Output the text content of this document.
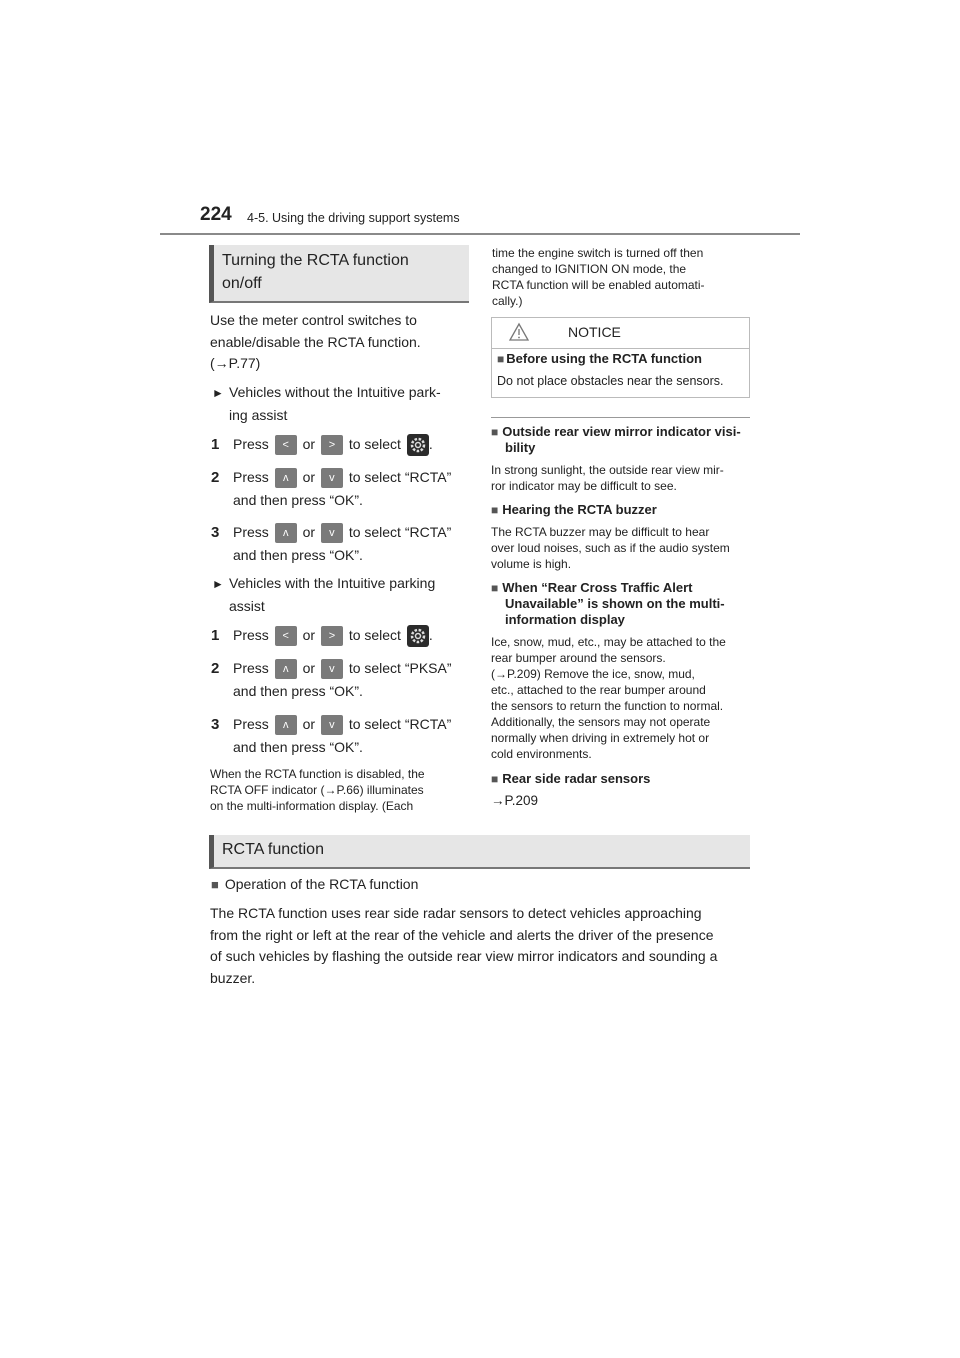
224 4-5. Using the driving support systems
Turning the RCTA function
on/off
Use the meter control switches to
enable/disable the RCTA function.
(→P.77)
► Vehicles without the Intuitive park-
ing assist
1 Press < or > to select .
2 Press ʌ or v to select “RCTA”
and then press “OK”.
3 Press ʌ or v to select “RCTA”
and then press “OK”.
► Vehicles with the Intuitive parking
assist
1 Press < or > to select .
2 Press ʌ or v to select “PKSA”
and then press “OK”.
3 Press ʌ or v to select “RCTA”
and then press “OK”.
When the RCTA function is disabled, the
RCTA OFF indicator (→P.66) illuminates
on the multi-information display. (Each
time the engine switch is turned off then
changed to IGNITION ON mode, the
RCTA function will be enabled automati-
cally.)
NOTICE
■ Before using the RCTA function
Do not place obstacles near the sensors.
■ Outside rear view mirror indicator visi-
bility
In strong sunlight, the outside rear view mir-
ror indicator may be difficult to see.
■ Hearing the RCTA buzzer
The RCTA buzzer may be difficult to hear
over loud noises, such as if the audio system
volume is high.
■ When “Rear Cross Traffic Alert
Unavailable” is shown on the multi-
information display
Ice, snow, mud, etc., may be attached to the
rear bumper around the sensors.
(→P.209) Remove the ice, snow, mud,
etc., attached to the rear bumper around
the sensors to return the function to normal.
Additionally, the sensors may not operate
normally when driving in extremely hot or
cold environments.
■ Rear side radar sensors
→P.209
RCTA function
■ Operation of the RCTA function
The RCTA function uses rear side radar sensors to detect vehicles approaching
from the right or left at the rear of the vehicle and alerts the driver of the presence
of such vehicles by flashing the outside rear view mirror indicators and sounding a
buzzer.
